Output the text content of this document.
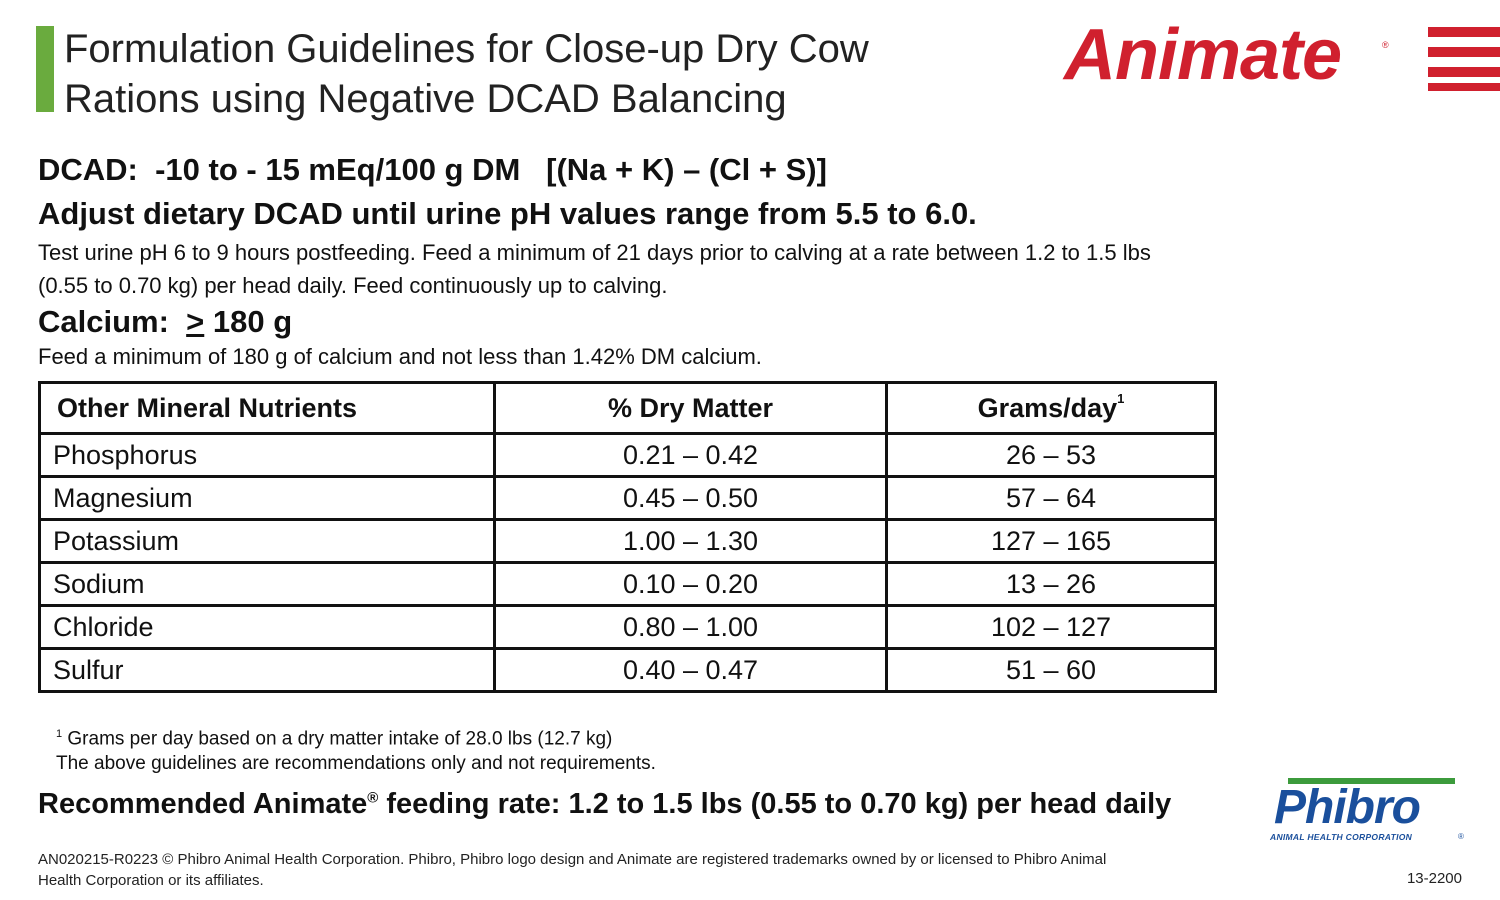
Formulation Guidelines for Close-up Dry Cow
Rations using Negative DCAD Balancing
Animate	®

DCAD:  -10 to - 15 mEq/100 g DM   [(Na + K) – (Cl + S)]

Adjust dietary DCAD until urine pH values range from 5.5 to 6.0.

Test urine pH 6 to 9 hours postfeeding. Feed a minimum of 21 days prior to calving at a rate between 1.2 to 1.5 lbs (0.55 to 0.70 kg) per head daily. Feed continuously up to calving.

Calcium: > 180 g

Feed a minimum of 180 g of calcium and not less than 1.42% DM calcium.

Other Mineral Nutrients	% Dry Matter	Grams/day$^1$
Phosphorus	0.21 – 0.42	26 – 53
Magnesium	0.45 – 0.50	57 – 64
Potassium	1.00 – 1.30	127 – 165
Sodium	0.10 – 0.20	13 – 26
Chloride	0.80 – 1.00	102 – 127
Sulfur	0.40 – 0.47	51 – 60

$^1$ Grams per day based on a dry matter intake of 28.0 lbs (12.7 kg)
The above guidelines are recommendations only and not requirements.

Recommended Animate® feeding rate: 1.2 to 1.5 lbs (0.55 to 0.70 kg) per head daily Phibro
ANIMAL HEALTH CORPORATION	®

AN020215-R0223 © Phibro Animal Health Corporation. Phibro, Phibro logo design and Animate are registered trademarks owned by or licensed to Phibro Animal Health Corporation or its affiliates.	13-2200
